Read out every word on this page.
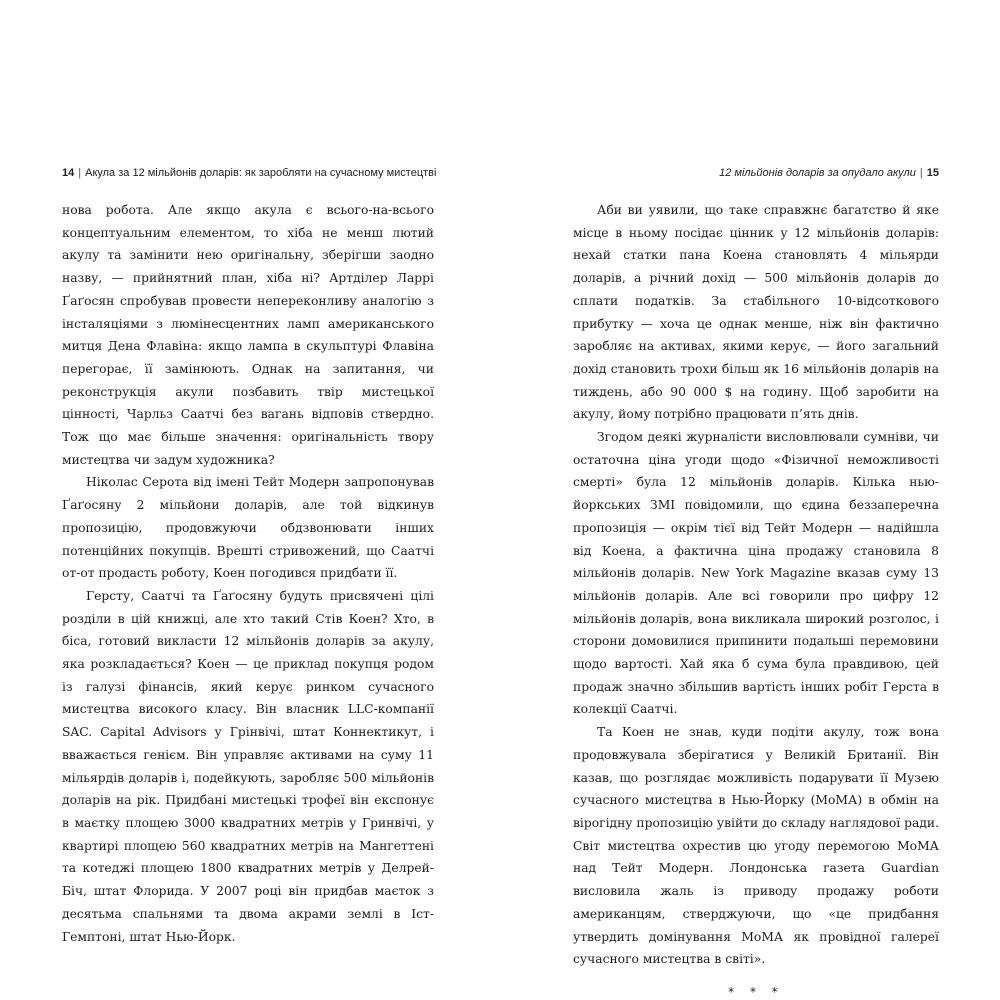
14 | Акула за 12 мільйонів доларів: як заробляти на сучасному мистецтві

нова робота. Але якщо акула є всього-на-всього концептуальним елементом, то хіба не менш лютий акулу та замінити нею оригінальну, зберігши заодно назву, — прийнятний план, хіба ні? Артділер Ларрі Ґаґосян спробував провести непереконливу аналогію з інсталяціями з люмінесцентних ламп американського митця Дена Флавіна: якщо лампа в скульптурі Флавіна перегорає, її замінюють. Однак на запитання, чи реконструкція акули позбавить твір мистецької цінності, Чарльз Саатчі без вагань відповів ствердно. Тож що має більше значення: оригінальність твору мистецтва чи задум художника?

Ніколас Серота від імені Тейт Модерн запропонував Ґаґосяну 2 мільйони доларів, але той відкинув пропозицію, продовжуючи обдзвонювати інших потенційних покупців. Врешті стривожений, що Саатчі от-от продасть роботу, Коен погодився придбати її.

Герсту, Саатчі та Ґаґосяну будуть присвячені цілі розділи в цій книжці, але хто такий Стів Коен? Хто, в біса, готовий викласти 12 мільйонів доларів за акулу, яка розкладається? Коен — це приклад покупця родом із галузі фінансів, який керує ринком сучасного мистецтва високого класу. Він власник LLC-компанії SAC. Capital Advisors у Грінвічі, штат Коннектикут, і вважається генієм. Він управляє активами на суму 11 мільярдів доларів і, подейкують, заробляє 500 мільйонів доларів на рік. Придбані мистецькі трофеї він експонує в маєтку площею 3000 квадратних метрів у Гринвічі, у квартирі площею 560 квадратних метрів на Мангеттені та котеджі площею 1800 квадратних метрів у Делрей-Біч, штат Флорида. У 2007 році він придбав маєток з десятьма спальнями та двома акрами землі в Іст-Гемптоні, штат Нью-Йорк.

12 мільйонів доларів за опудало акули | 15

Аби ви уявили, що таке справжнє багатство й яке місце в ньому посідає цінник у 12 мільйонів доларів: нехай статки пана Коена становлять 4 мільярди доларів, а річний дохід — 500 мільйонів доларів до сплати податків. За стабільного 10-відсоткового прибутку — хоча це однак менше, ніж він фактично заробляє на активах, якими керує, — його загальний дохід становить трохи більш як 16 мільйонів доларів на тиждень, або 90 000 $ на годину. Щоб заробити на акулу, йому потрібно працювати п’ять днів.

Згодом деякі журналісти висловлювали сумніви, чи остаточна ціна угоди щодо «Фізичної неможливості смерті» була 12 мільйонів доларів. Кілька нью-йоркських ЗМІ повідомили, що єдина беззаперечна пропозиція — окрім тієї від Тейт Модерн — надійшла від Коена, а фактична ціна продажу становила 8 мільйонів доларів. New York Magazine вказав суму 13 мільйонів доларів. Але всі говорили про цифру 12 мільйонів доларів, вона викликала широкий розголос, і сторони домовилися припинити подальші перемовини щодо вартості. Хай яка б сума була правдивою, цей продаж значно збільшив вартість інших робіт Герста в колекції Саатчі.

Та Коен не знав, куди подіти акулу, тож вона продовжувала зберігатися у Великій Британії. Він казав, що розглядає можливість подарувати її Музею сучасного мистецтва в Нью-Йорку (МоМА) в обмін на вірогідну пропозицію увійти до складу наглядової ради. Світ мистецтва охрестив цю угоду перемогою МоМА над Тейт Модерн. Лондонська газета Guardian висловила жаль із приводу продажу роботи американцям, стверджуючи, що «це придбання утвердить домінування МоМА як провідної галереї сучасного мистецтва в світі».

* * *
